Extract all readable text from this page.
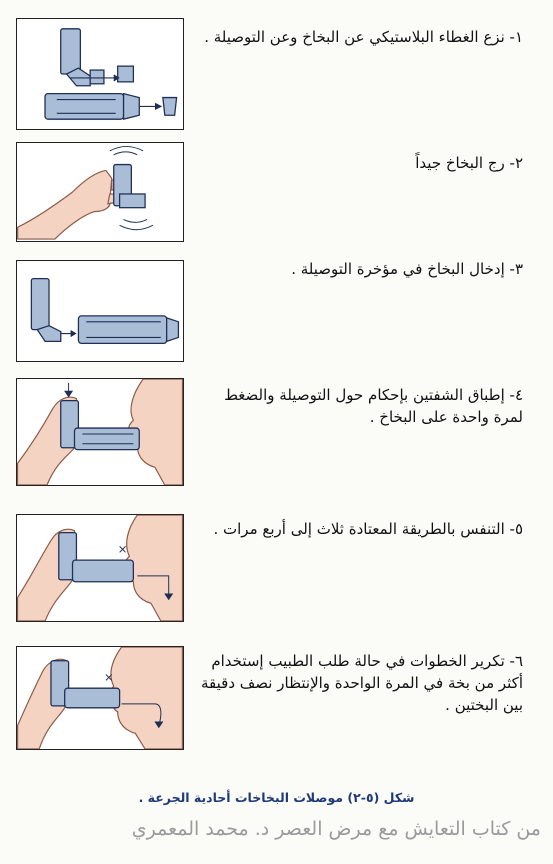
١- نزع الغطاء البلاستيكي عن البخاخ وعن التوصيلة .
٢- رج البخاخ جيداً
٣- إدخال البخاخ في مؤخرة التوصيلة .
٤- إطباق الشفتين بإحكام حول التوصيلة والضغط لمرة واحدة على البخاخ .
٥- التنفس بالطريقة المعتادة ثلاث إلى أربع مرات .
٦- تكرير الخطوات في حالة طلب الطبيب إستخدام أكثر من بخة في المرة الواحدة والإنتظار نصف دقيقة بين البختين .
شكل (٥-٢) موصلات البخاخات أحادية الجرعة .
من كتاب التعايش مع مرض العصر د. محمد المعمري
